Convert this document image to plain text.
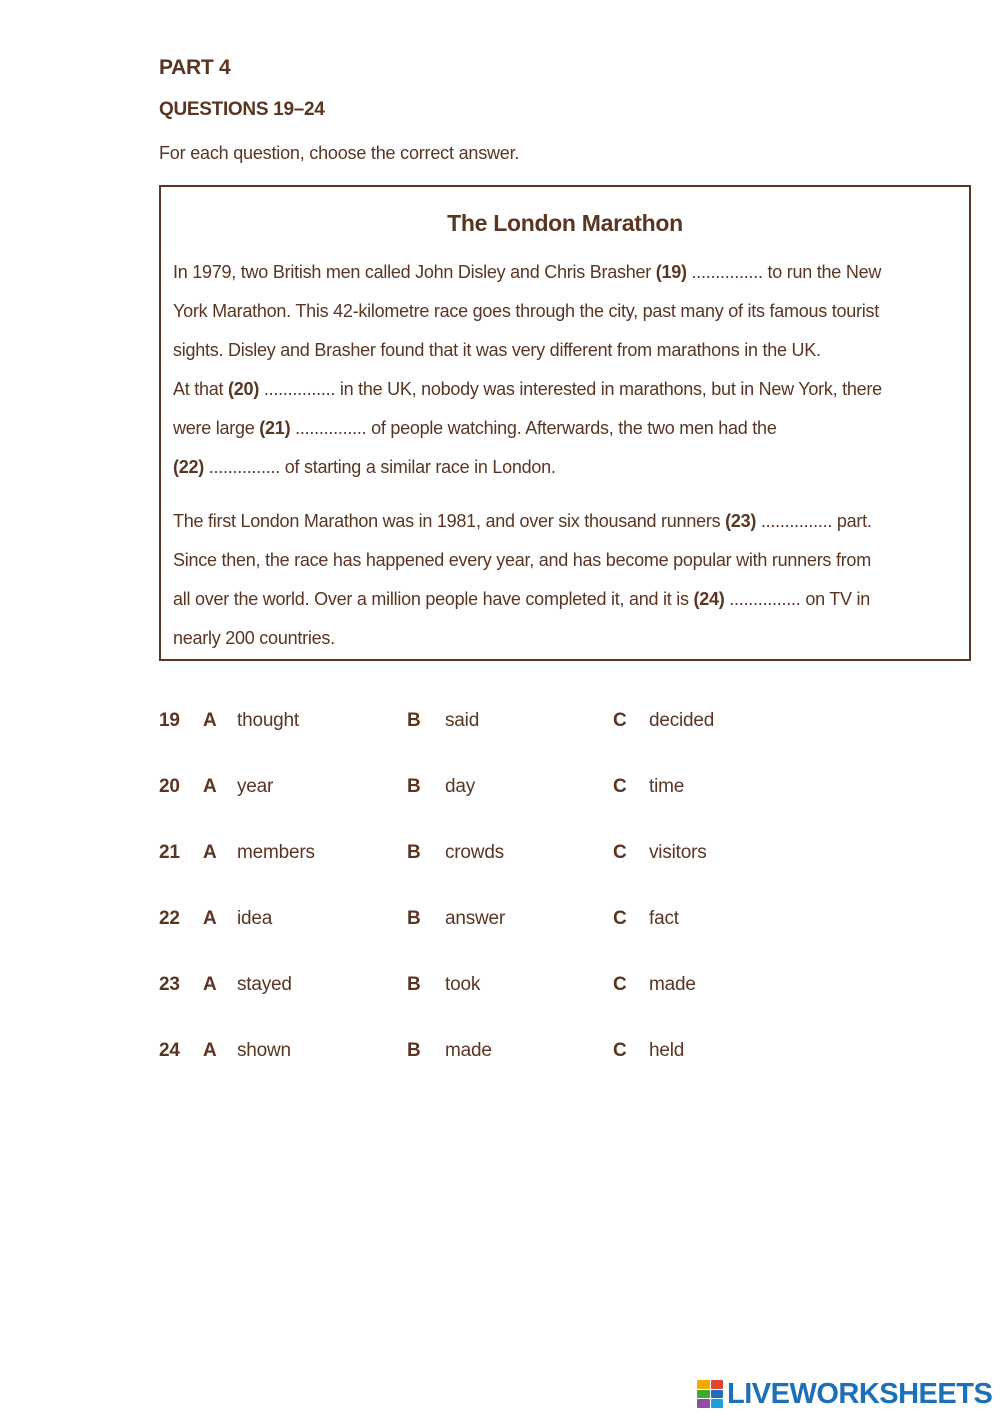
PART 4
QUESTIONS 19–24
For each question, choose the correct answer.
The London Marathon
In 1979, two British men called John Disley and Chris Brasher (19) ............... to run the New
York Marathon. This 42-kilometre race goes through the city, past many of its famous tourist
sights. Disley and Brasher found that it was very different from marathons in the UK.
At that (20) ............... in the UK, nobody was interested in marathons, but in New York, there
were large (21) ............... of people watching. Afterwards, the two men had the
(22) ............... of starting a similar race in London.
The first London Marathon was in 1981, and over six thousand runners (23) ............... part.
Since then, the race has happened every year, and has become popular with runners from
all over the world. Over a million people have completed it, and it is (24) ............... on TV in
nearly 200 countries.
19 A thought	B said	C decided
20 A year	B day	C time
21 A members	B crowds	C visitors
22 A idea	B answer	C fact
23 A stayed	B took	C made
24 A shown	B made	C held
LIVEWORKSHEETS
